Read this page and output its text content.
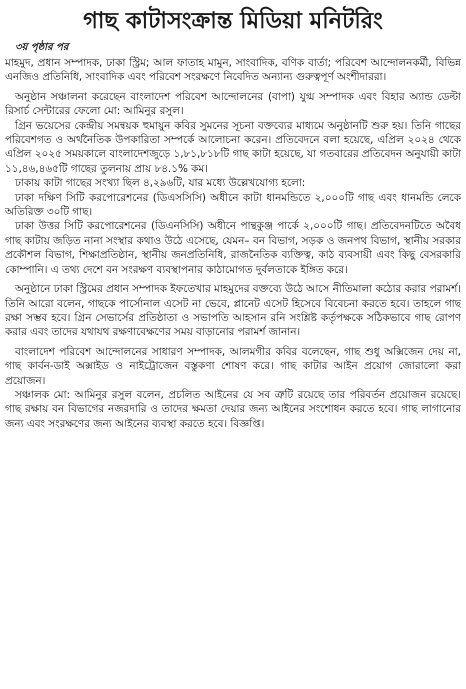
গাছ কাটাসংক্রান্ত মিডিয়া মনিটরিং
৩য় পৃষ্ঠার পর

মাহমুদ, প্রধান সম্পাদক, ঢাকা স্ট্রিম; আল ফাতাহ মামুন, সাংবাদিক, বণিক বার্তা; পরিবেশ আন্দোলনকর্মী, বিভিন্ন এনজিও প্রতিনিধি, সাংবাদিক এবং পরিবেশ সংরক্ষণে নিবেদিত অন্যান্য গুরুত্বপূর্ণ অংশীদাররা।

অনুষ্ঠান সঞ্চালনা করেছেন বাংলাদেশ পরিবেশ আন্দোলনের (বাপা) যুগ্ম সম্পাদক এবং বিহার অ্যান্ড ডেল্টা রিসার্চ সেন্টারের ফেলো মো: আমিনুর রসুল।

গ্রিন ভয়েসের কেন্দ্রীয় সমন্বয়ক হুমায়ুন কবির সুমনের সূচনা বক্তব্যের মাধ্যমে অনুষ্ঠানটি শুরু হয়। তিনি গাছের পরিবেশগত ও অর্থনৈতিক উপকারিতা সম্পর্কে আলোচনা করেন। প্রতিবেদনে বলা হয়েছে, এপ্রিল ২০২৪ থেকে এপ্রিল ২০২৫ সময়কালে বাংলাদেশজুড়ে ১,৮১,৮১৮টি গাছ কাটা হয়েছে, যা গতবারের প্রতিবেদন অনুযায়ী কাটা ১১,৪৬,৪৬৫টি গাছের তুলনায় প্রায় ৮৪.১% কম।

ঢাকায় কাটা গাছের সংখ্যা ছিল ৪,২৯৬টি, যার মধ্যে উল্লেখযোগ্য হলো:

ঢাকা দক্ষিণ সিটি করপোরেশনের (ডিএসসিসি) অধীনে কাটা ধানমন্ডিতে ২,০০০টি গাছ এবং ধানমন্ডি লেকে অতিরিক্ত ৩০টি গাছ।

ঢাকা উত্তর সিটি করপোরেশনের (ডিএনসিসি) অধীনে পান্থকুঞ্জ পার্কে ২,০০০টি গাছ। প্রতিবেদনটিতে অবৈধ গাছ কাটায় জড়িত নানা সংস্থার কথাও উঠে এসেছে, যেমন– বন বিভাগ, সড়ক ও জনপথ বিভাগ, স্থানীয় সরকার প্রকৌশল বিভাগ, শিক্ষাপ্রতিষ্ঠান, স্থানীয় জনপ্রতিনিধি, রাজনৈতিক ব্যক্তিত্ব, কাঠ ব্যবসায়ী এবং কিছু বেসরকারি কোম্পানি। এ তথ্য দেশে বন সংরক্ষণ ব্যবস্থাপনার কাঠামোগত দুর্বলতাকে ইঙ্গিত করে।

অনুষ্ঠানে ঢাকা স্ট্রিমের প্রধান সম্পাদক ইফতেখার মাহমুদের বক্তব্যে উঠে আসে নীতিমালা কঠোর করার পরামর্শ। তিনি আরো বলেন, গাছকে পার্সোনাল এসেট না ভেবে, প্লানেট এসেট হিসেবে বিবেচনা করতে হবে। তাহলে গাছ রক্ষা সম্ভব হবে। গ্রিন সেভার্সের প্রতিষ্ঠাতা ও সভাপতি আহসান রনি সংশ্লিষ্ট কর্তৃপক্ষকে সঠিকভাবে গাছ রোপণ করার এবং তাদের যথাযথ রক্ষণাবেক্ষণের সময় বাড়ানোর পরামর্শ জানান।

বাংলাদেশ পরিবেশ আন্দোলনের সাধারণ সম্পাদক, আলমগীর কবির বলেছেন, গাছ শুধু অক্সিজেন দেয় না, গাছ কার্বন-ডাই অক্সাইড ও নাইট্রোজেন বস্তুকণা শোষণ করে। গাছ কাটার আইন প্রয়োগ জোরালো করা প্রয়োজন।

সঞ্চালক মো: আমিনুর রসুল বলেন, প্রচলিত আইনের যে সব ত্রুটি রয়েছে তার পরিবর্তন প্রয়োজন রয়েছে। গাছ রক্ষায় বন বিভাগের নজরদারি ও তাদের ক্ষমতা দেয়ার জন্য আইনের সংশোধন করতে হবে। গাছ লাগানোর জন্য এবং সংরক্ষণের জন্য আইনের ব্যবস্থা করতে হবে। বিজ্ঞপ্তি।
